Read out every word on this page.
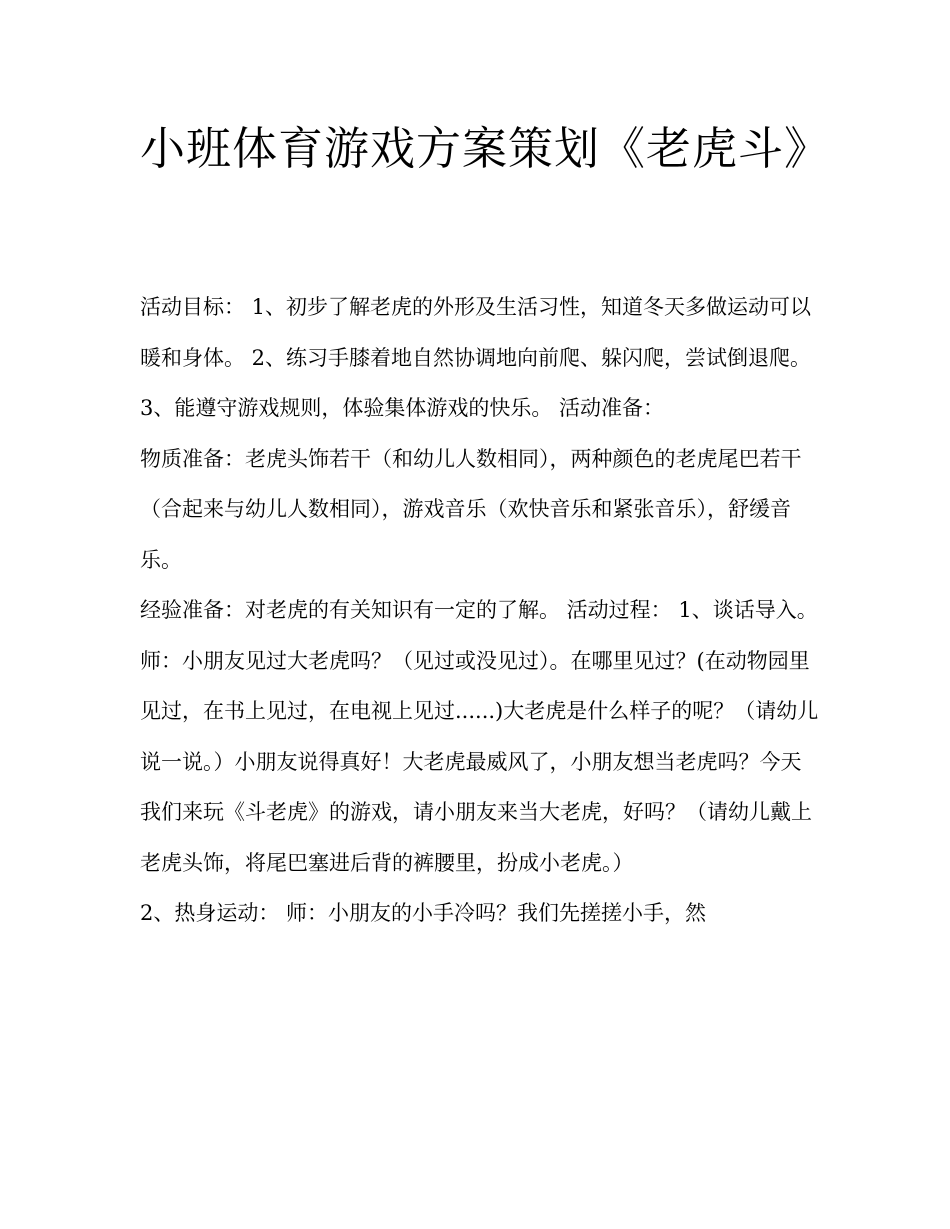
小班体育游戏方案策划《老虎斗》

活动目标： 1、初步了解老虎的外形及生活习性，知道冬天多做运动可以暖和身体。 2、练习手膝着地自然协调地向前爬、躲闪爬，尝试倒退爬。

3、能遵守游戏规则，体验集体游戏的快乐。 活动准备：

物质准备：老虎头饰若干（和幼儿人数相同），两种颜色的老虎尾巴若干（合起来与幼儿人数相同），游戏音乐（欢快音乐和紧张音乐），舒缓音乐。

经验准备：对老虎的有关知识有一定的了解。 活动过程： 1、谈话导入。

师：小朋友见过大老虎吗？（见过或没见过）。在哪里见过？(在动物园里见过，在书上见过，在电视上见过......)大老虎是什么样子的呢？（请幼儿说一说。）小朋友说得真好！大老虎最威风了，小朋友想当老虎吗？今天我们来玩《斗老虎》的游戏，请小朋友来当大老虎，好吗？（请幼儿戴上老虎头饰，将尾巴塞进后背的裤腰里，扮成小老虎。）

2、热身运动： 师：小朋友的小手冷吗？我们先搓搓小手，然
